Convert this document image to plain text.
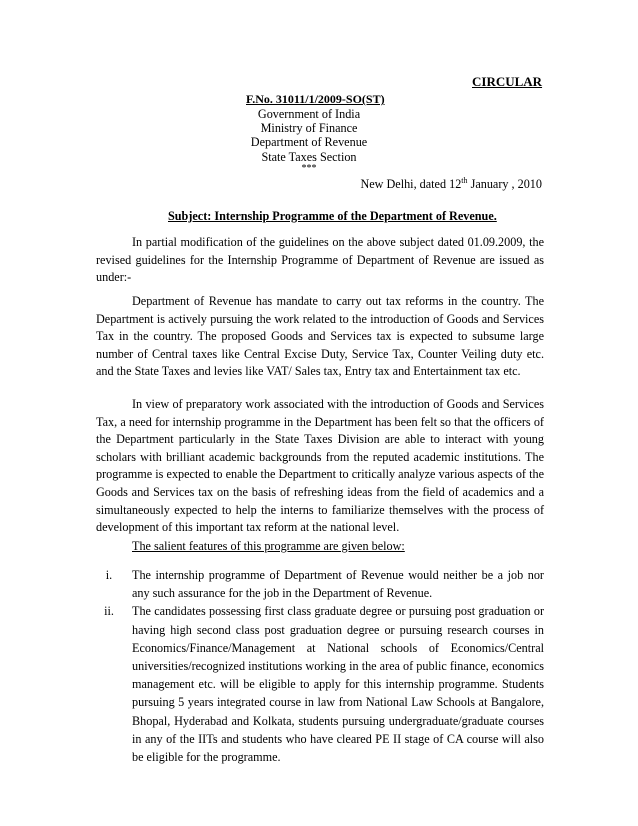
CIRCULAR
F.No. 31011/1/2009-SO(ST)
Government of India
Ministry of Finance
Department of Revenue
State Taxes Section
***
New Delhi, dated 12th January , 2010
Subject: Internship Programme of the Department of Revenue.

In partial modification of the guidelines on the above subject dated 01.09.2009, the revised guidelines for the Internship Programme of Department of Revenue are issued as under:-

Department of Revenue has mandate to carry out tax reforms in the country. The Department is actively pursuing the work related to the introduction of Goods and Services Tax in the country. The proposed Goods and Services tax is expected to subsume large number of Central taxes like Central Excise Duty, Service Tax, Counter Veiling duty etc. and the State Taxes and levies like VAT/ Sales tax, Entry tax and Entertainment tax etc.

In view of preparatory work associated with the introduction of Goods and Services Tax, a need for internship programme in the Department has been felt so that the officers of the Department particularly in the State Taxes Division are able to interact with young scholars with brilliant academic backgrounds from the reputed academic institutions. The programme is expected to enable the Department to critically analyze various aspects of the Goods and Services tax on the basis of refreshing ideas from the field of academics and a simultaneously expected to help the interns to familiarize themselves with the process of development of this important tax reform at the national level.

The salient features of this programme are given below:
i.	The internship programme of Department of Revenue would neither be a job nor any such assurance for the job in the Department of Revenue.
ii.	The candidates possessing first class graduate degree or pursuing post graduation or having high second class post graduation degree or pursuing research courses in Economics/Finance/Management at National schools of Economics/Central universities/recognized institutions working in the area of public finance, economics management etc. will be eligible to apply for this internship programme. Students pursuing 5 years integrated course in law from National Law Schools at Bangalore, Bhopal, Hyderabad and Kolkata, students pursuing undergraduate/graduate courses in any of the IITs and students who have cleared PE II stage of CA course will also be eligible for the programme.
